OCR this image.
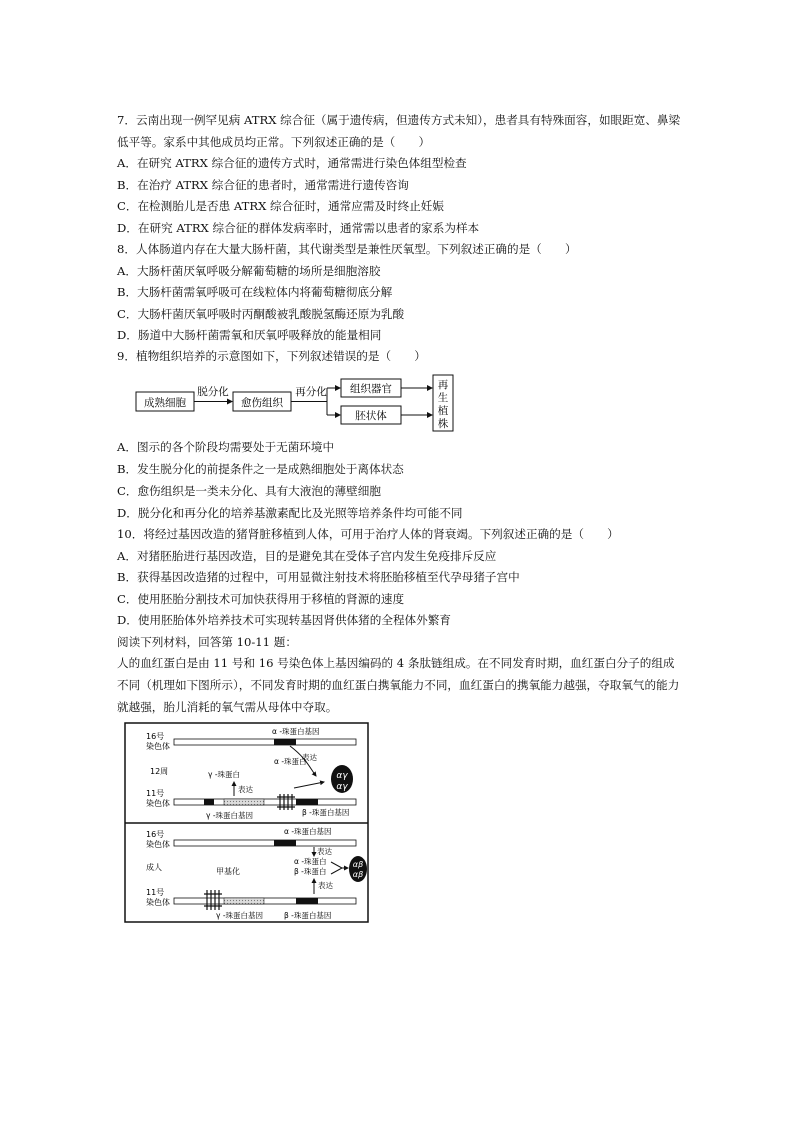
7．云南出现一例罕见病 ATRX 综合征（属于遗传病，但遗传方式未知），患者具有特殊面容，如眼距宽、鼻梁低平等。家系中其他成员均正常。下列叙述正确的是（　　）
A．在研究 ATRX 综合征的遗传方式时，通常需进行染色体组型检查
B．在治疗 ATRX 综合征的患者时，通常需进行遗传咨询
C．在检测胎儿是否患 ATRX 综合征时，通常应需及时终止妊娠
D．在研究 ATRX 综合征的群体发病率时，通常需以患者的家系为样本
8．人体肠道内存在大量大肠杆菌，其代谢类型是兼性厌氧型。下列叙述正确的是（　　）
A．大肠杆菌厌氧呼吸分解葡萄糖的场所是细胞溶胶
B．大肠杆菌需氧呼吸可在线粒体内将葡萄糖彻底分解
C．大肠杆菌厌氧呼吸时丙酮酸被乳酸脱氢酶还原为乳酸
D．肠道中大肠杆菌需氧和厌氧呼吸释放的能量相同
9．植物组织培养的示意图如下，下列叙述错误的是（　　）
成熟细胞
脱分化
愈伤组织
再分化 组织器官
胚状体
再
生
植
株
A．图示的各个阶段均需要处于无菌环境中
B．发生脱分化的前提条件之一是成熟细胞处于离体状态
C．愈伤组织是一类未分化、具有大液泡的薄壁细胞
D．脱分化和再分化的培养基激素配比及光照等培养条件均可能不同
10．将经过基因改造的猪肾脏移植到人体，可用于治疗人体的肾衰竭。下列叙述正确的是（　　）
A．对猪胚胎进行基因改造，目的是避免其在受体子宫内发生免疫排斥反应
B．获得基因改造猪的过程中，可用显微注射技术将胚胎移植至代孕母猪子宫中
C．使用胚胎分割技术可加快获得用于移植的肾源的速度
D．使用胚胎体外培养技术可实现转基因肾供体猪的全程体外繁育
阅读下列材料，回答第 10-11 题：
人的血红蛋白是由 11 号和 16 号染色体上基因编码的 4 条肽链组成。在不同发育时期，血红蛋白分子的组成不同（机理如下图所示），不同发育时期的血红蛋白携氧能力不同，血红蛋白的携氧能力越强，夺取氧气的能力就越强，胎儿消耗的氧气需从母体中夺取。
16号
染色体
α -珠蛋白基因
12周
α -珠蛋白
表达
αγ
αγ
γ -珠蛋白
表达
11号
染色体
γ -珠蛋白基因	β -珠蛋白基因
16号
染色体
α -珠蛋白基因
表达
成人
α -珠蛋白
β -珠蛋白
αβ
αβ
表达
甲基化
11号
染色体
γ -珠蛋白基因	β -珠蛋白基因
